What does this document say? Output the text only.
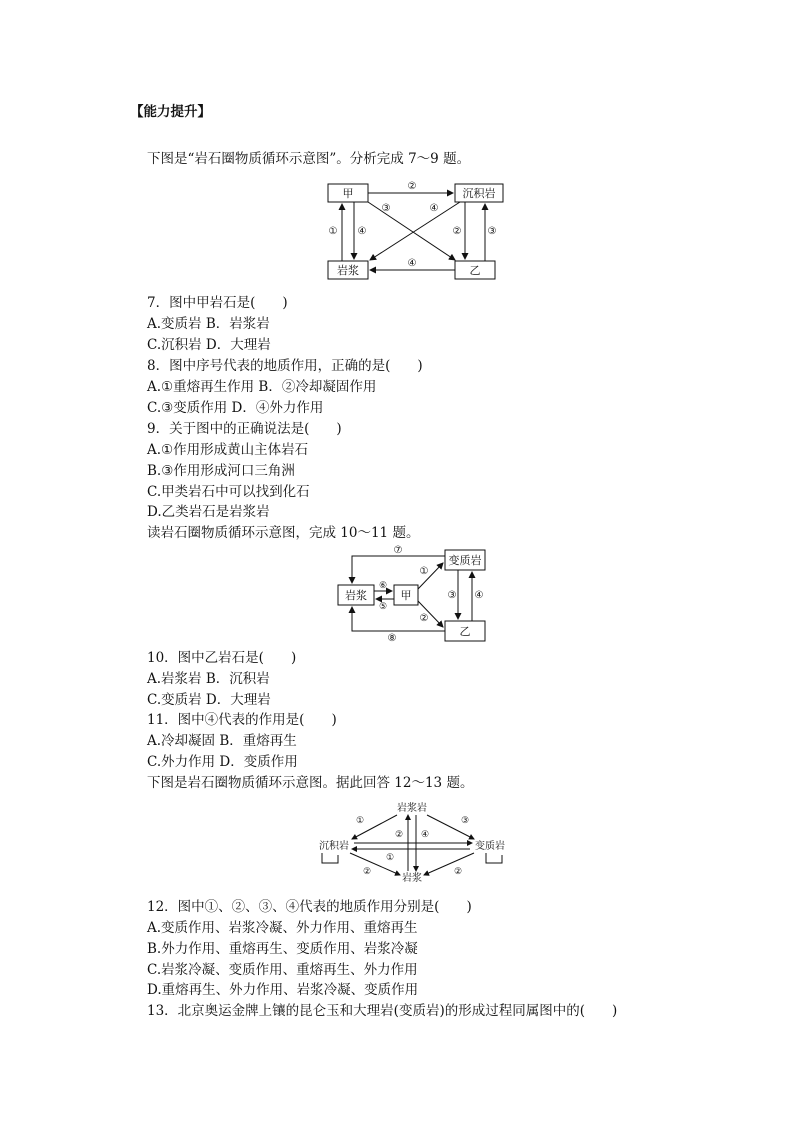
【能力提升】
下图是“岩石圈物质循环示意图”。分析完成 7～9 题。
甲	沉积岩
岩浆	乙
②
④
③	④
① ④	②	③
7．图中甲岩石是(　　)
A.变质岩 B．岩浆岩
C.沉积岩 D．大理岩
8．图中序号代表的地质作用，正确的是(　　)
A.①重熔再生作用 B．②冷却凝固作用
C.③变质作用 D．④外力作用
9．关于图中的正确说法是(　　)
A.①作用形成黄山主体岩石
B.③作用形成河口三角洲
C.甲类岩石中可以找到化石
D.乙类岩石是岩浆岩
读岩石圈物质循环示意图，完成 10～11 题。
岩浆	甲
变质岩
乙
⑦
⑧
⑥
⑤
①
②
③ ④
10．图中乙岩石是(　　)
A.岩浆岩 B．沉积岩
C.变质岩 D．大理岩
11．图中④代表的作用是(　　)
A.冷却凝固 B．重熔再生
C.外力作用 D．变质作用
下图是岩石圈物质循环示意图。据此回答 12～13 题。
岩浆岩
沉积岩	变质岩
岩浆
①	③
② ④
①
②	②
12．图中①、②、③、④代表的地质作用分别是(　　)
A.变质作用、岩浆冷凝、外力作用、重熔再生
B.外力作用、重熔再生、变质作用、岩浆冷凝
C.岩浆冷凝、变质作用、重熔再生、外力作用
D.重熔再生、外力作用、岩浆冷凝、变质作用
13．北京奥运金牌上镶的昆仑玉和大理岩(变质岩)的形成过程同属图中的(　　)
